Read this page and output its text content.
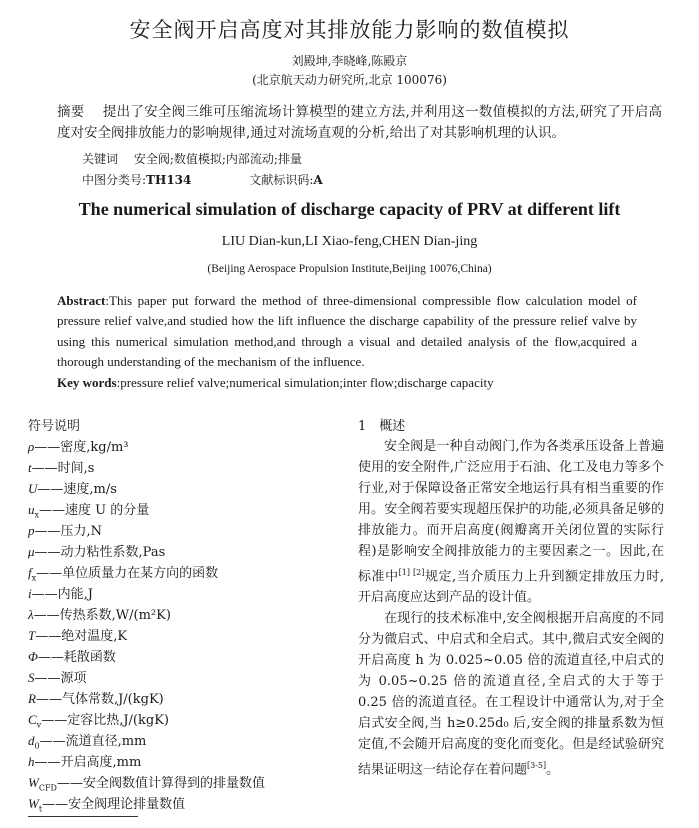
安全阀开启高度对其排放能力影响的数值模拟
刘殿坤,李晓峰,陈殿京
(北京航天动力研究所,北京 100076)
摘要　 提出了安全阀三维可压缩流场计算模型的建立方法,并利用这一数值模拟的方法,研究了开启高度对安全阀排放能力的影响规律,通过对流场直观的分析,给出了对其影响机理的认识。
关键词　 安全阀;数值模拟;内部流动;排量
中图分类号:TH134	文献标识码:A
The numerical simulation of discharge capacity of PRV at different lift
LIU Dian-kun,LI Xiao-feng,CHEN Dian-jing
(Beijing Aerospace Propulsion Institute,Beijing 10076,China)
Abstract:This paper put forward the method of three-dimensional compressible flow calculation model of pressure relief valve,and studied how the lift influence the discharge capability of the pressure relief valve by using this numerical simulation method,and through a visual and detailed analysis of the flow,acquired a thorough understanding of the mechanism of the influence.
Key words:pressure relief valve;numerical simulation;inter flow;discharge capacity
符号说明
ρ——密度,kg/m³
t——时间,s
U——速度,m/s
$u_x——$速度 U 的分量
p——压力,N
μ——动力粘性系数,Pas
$f_x——$单位质量力在某方向的函数
i——内能,J
λ——传热系数,W/(m²K)
T——绝对温度,K
Φ——耗散函数
S——源项
R——气体常数,J/(kgK)
$C_v——$定容比热,J/(kgK)
$d_0——$流道直径,mm
h——开启高度,mm
$W_{CFD}——$安全阀数值计算得到的排量数值
$W_t——$安全阀理论排量数值
1　概述

安全阀是一种自动阀门,作为各类承压设备上普遍使用的安全附件,广泛应用于石油、化工及电力等多个行业,对于保障设备正常安全地运行具有相当重要的作用。安全阀若要实现超压保护的功能,必须具备足够的排放能力。而开启高度(阀瓣离开关闭位置的实际行程)是影响安全阀排放能力的主要因素之一。因此,在标准中[1] [2]规定,当介质压力上升到额定排放压力时,开启高度应达到产品的设计值。

在现行的技术标准中,安全阀根据开启高度的不同分为微启式、中启式和全启式。其中,微启式安全阀的开启高度 h 为 0.025~0.05 倍的流道直径,中启式的为 0.05~0.25 倍的流道直径,全启式的大于等于 0.25 倍的流道直径。在工程设计中通常认为,对于全启式安全阀,当 h≥0.25d₀ 后,安全阀的排量系数为恒定值,不会随开启高度的变化而变化。但是经试验研究结果证明这一结论存在着问题[3-5]。
